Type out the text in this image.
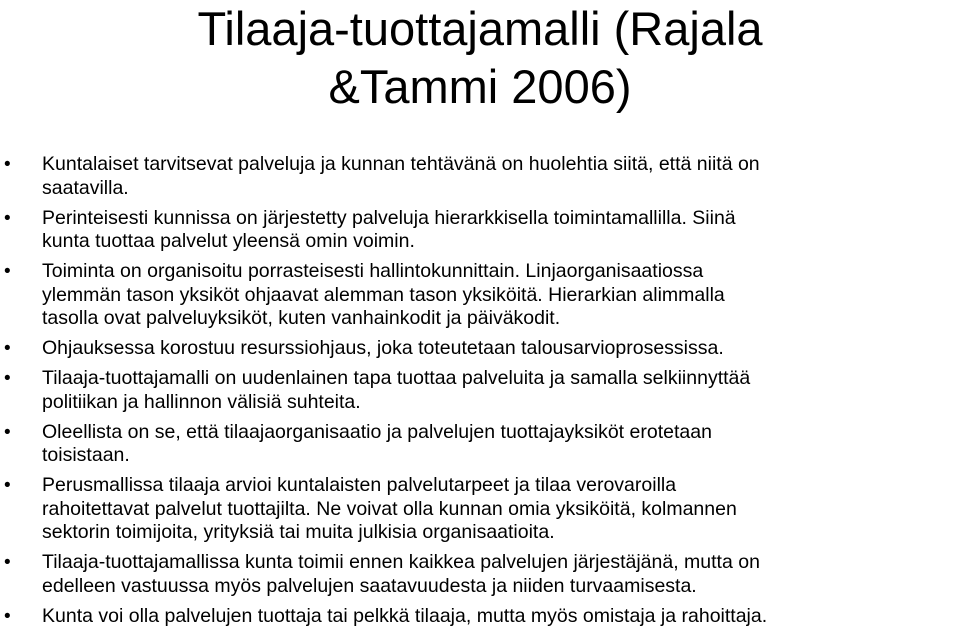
Tilaaja-tuottajamalli (Rajala
&Tammi 2006)
• Kuntalaiset tarvitsevat palveluja ja kunnan tehtävänä on huolehtia siitä, että niitä on
saatavilla.
• Perinteisesti kunnissa on järjestetty palveluja hierarkkisella toimintamallilla. Siinä
kunta tuottaa palvelut yleensä omin voimin.
• Toiminta on organisoitu porrasteisesti hallintokunnittain. Linjaorganisaatiossa
ylemmän tason yksiköt ohjaavat alemman tason yksiköitä. Hierarkian alimmalla
tasolla ovat palveluyksiköt, kuten vanhainkodit ja päiväkodit.
• Ohjauksessa korostuu resurssiohjaus, joka toteutetaan talousarvioprosessissa.
• Tilaaja-tuottajamalli on uudenlainen tapa tuottaa palveluita ja samalla selkiinnyttää
politiikan ja hallinnon välisiä suhteita.
• Oleellista on se, että tilaajaorganisaatio ja palvelujen tuottajayksiköt erotetaan
toisistaan.
• Perusmallissa tilaaja arvioi kuntalaisten palvelutarpeet ja tilaa verovaroilla
rahoitettavat palvelut tuottajilta. Ne voivat olla kunnan omia yksiköitä, kolmannen
sektorin toimijoita, yrityksiä tai muita julkisia organisaatioita.
• Tilaaja-tuottajamallissa kunta toimii ennen kaikkea palvelujen järjestäjänä, mutta on
edelleen vastuussa myös palvelujen saatavuudesta ja niiden turvaamisesta.
• Kunta voi olla palvelujen tuottaja tai pelkkä tilaaja, mutta myös omistaja ja rahoittaja.
